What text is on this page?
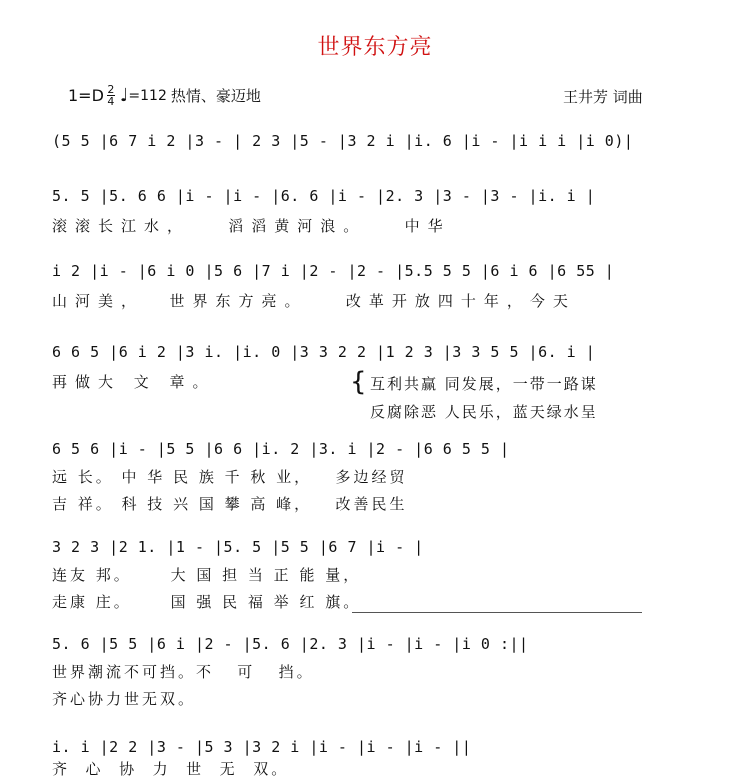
世界东方亮
$1=D \frac{2}{4}$ ♩ =112 热情、豪迈地	王井芳 词曲
(5 5 |6 7 i 2 |3 - | 2 3 |5 - |3 2 i |i. 6 |i - |i i i |i 0)|
5. 5 |5. 6 6 |i - |i - |6. 6 |i - |2. 3 |3 - |3 - |i. i |
滚滚长江水，   滔滔黄河浪。   中华
i 2 |i - |6 i 0 |5 6 |7 i |2 - |2 - |5.5 5 5 |6 i 6 |6 55 |
山河美，  世界东方亮。   改革开放四十年，今天
6 6 5 |6 i 2 |3 i. |i. 0 |3 3 2 2 |1 2 3 |3 3 5 5 |6. i |
再做大 文 章。	{ 互利共赢 同发展，一带一路谋
反腐除恶 人民乐，蓝天绿水呈
6 5 6 |i - |5 5 |6 6 |i. 2 |3. i |2 - |6 6 5 5 |
远 长。 中 华 民 族 千 秋 业，   多边经贸
吉 祥。 科 技 兴 国 攀 高 峰，   改善民生
3 2 3 |2 1. |1 - |5. 5 |5 5 |6 7 |i - |
连友 邦。     大 国 担 当 正 能 量，
走康 庄。     国 强 民 福 举 红 旗。
5. 6 |5 5 |6 i |2 - |5. 6 |2. 3 |i - |i - |i 0 :||
世界潮流不可挡。不   可   挡。
齐心协力世无双。
i. i |2 2 |3 - |5 3 |3 2 i |i - |i - |i - ||
齐  心  协  力  世  无  双。
